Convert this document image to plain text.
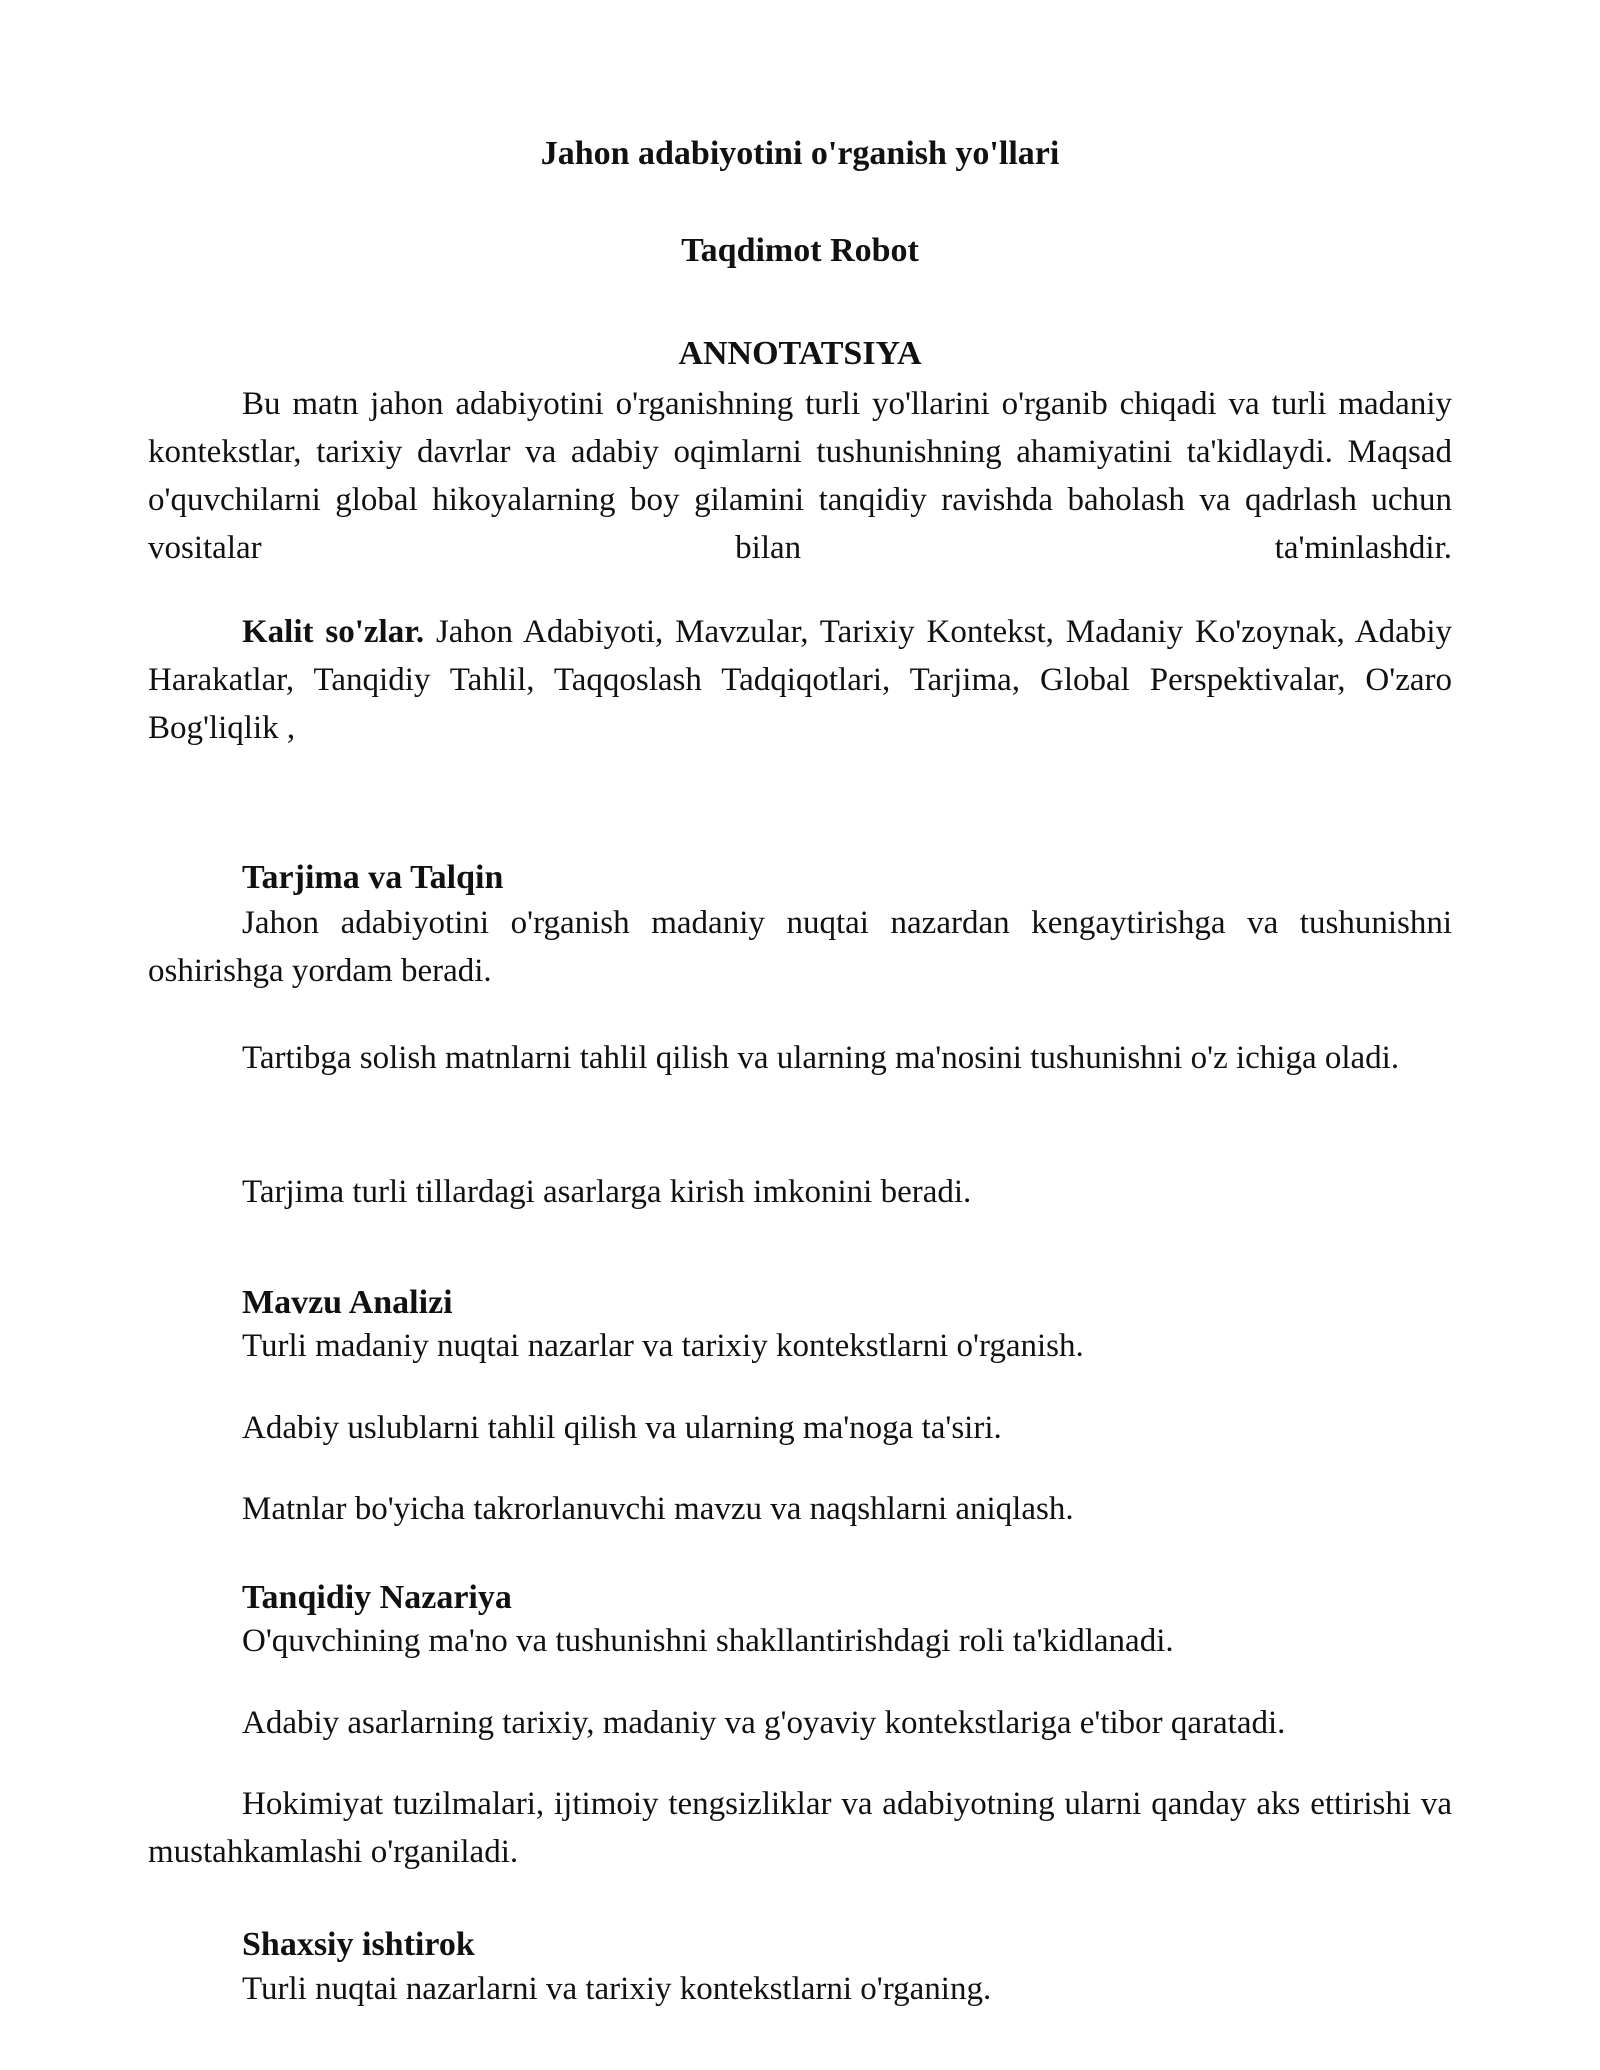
Jahon adabiyotini o'rganish yo'llari
Taqdimot Robot
ANNOTATSIYA

Bu matn jahon adabiyotini o'rganishning turli yo'llarini o'rganib chiqadi va turli madaniy kontekstlar, tarixiy davrlar va adabiy oqimlarni tushunishning ahamiyatini ta'kidlaydi. Maqsad o'quvchilarni global hikoyalarning boy gilamini tanqidiy ravishda baholash va qadrlash uchun vositalar bilan ta'minlashdir.

Kalit so'zlar. Jahon Adabiyoti, Mavzular, Tarixiy Kontekst, Madaniy Ko'zoynak, Adabiy Harakatlar, Tanqidiy Tahlil, Taqqoslash Tadqiqotlari, Tarjima, Global Perspektivalar, O'zaro Bog'liqlik ,

Tarjima va Talqin

Jahon adabiyotini o'rganish madaniy nuqtai nazardan kengaytirishga va tushunishni oshirishga yordam beradi.

Tartibga solish matnlarni tahlil qilish va ularning ma'nosini tushunishni o'z ichiga oladi.

Tarjima turli tillardagi asarlarga kirish imkonini beradi.
Mavzu Analizi
Turli madaniy nuqtai nazarlar va tarixiy kontekstlarni o'rganish.
Adabiy uslublarni tahlil qilish va ularning ma'noga ta'siri.
Matnlar bo'yicha takrorlanuvchi mavzu va naqshlarni aniqlash.
Tanqidiy Nazariya
O'quvchining ma'no va tushunishni shakllantirishdagi roli ta'kidlanadi.
Adabiy asarlarning tarixiy, madaniy va g'oyaviy kontekstlariga e'tibor qaratadi.

Hokimiyat tuzilmalari, ijtimoiy tengsizliklar va adabiyotning ularni qanday aks ettirishi va mustahkamlashi o'rganiladi.

Shaxsiy ishtirok
Turli nuqtai nazarlarni va tarixiy kontekstlarni o'rganing.
